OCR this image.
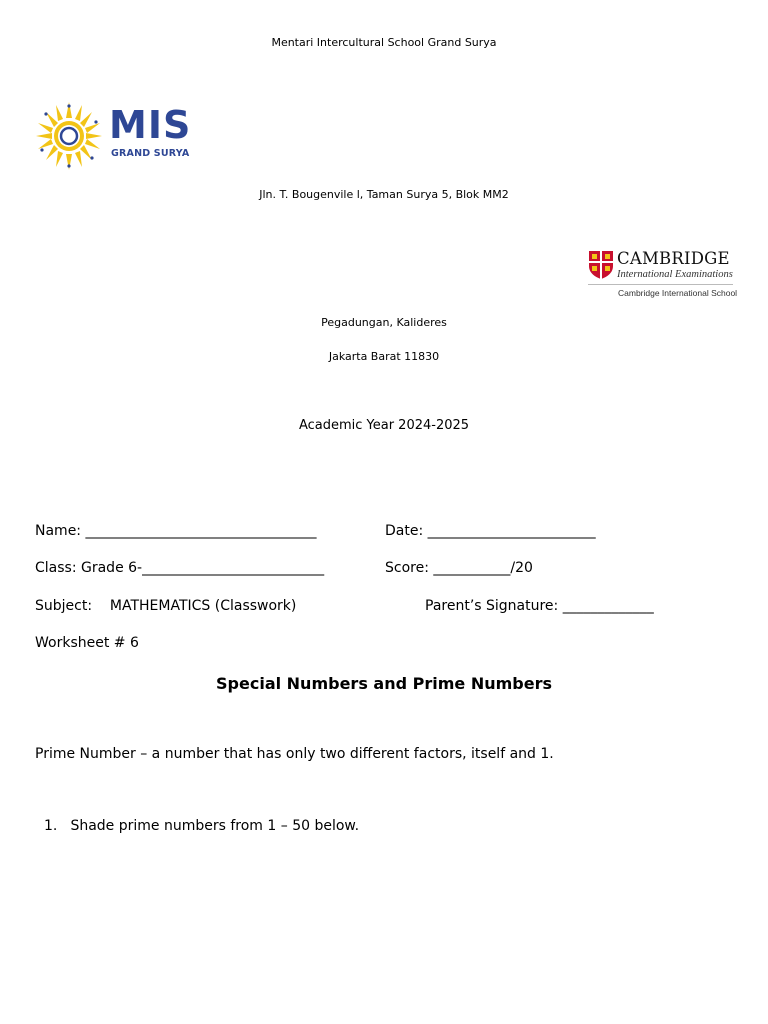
Mentari Intercultural School Grand Surya
MIS
GRAND SURYA
Jln. T. Bougenvile l, Taman Surya 5, Blok MM2
CAMBRIDGE
International Examinations
Cambridge International School
Pegadungan, Kalideres
Jakarta Barat 11830
Academic Year 2024-2025
Name: _________________________________	Date: ________________________
Class: Grade 6-__________________________	Score: ___________/20
Subject: MATHEMATICS (Classwork)	Parent’s Signature: _____________
Worksheet # 6
Special Numbers and Prime Numbers
Prime Number – a number that has only two different factors, itself and 1.
1. Shade prime numbers from 1 – 50 below.
